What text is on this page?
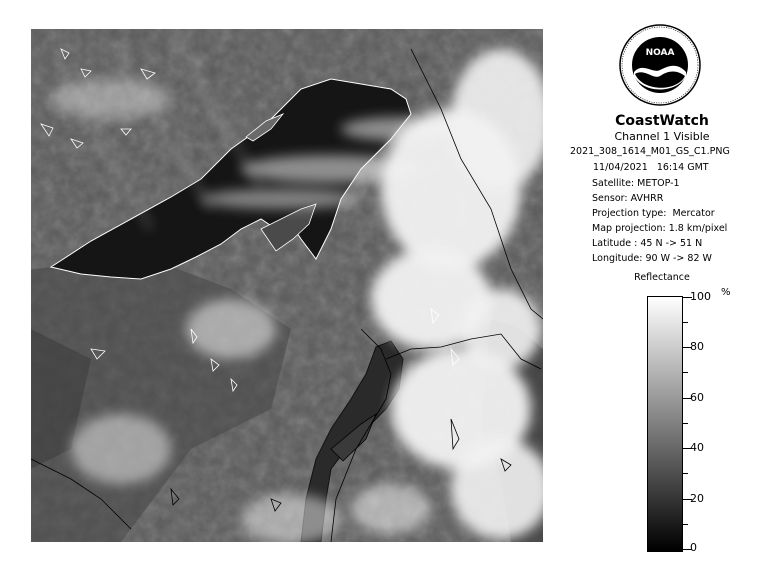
NOAA
CoastWatch
Channel 1 Visible
2021_308_1614_M01_GS_C1.PNG
11/04/2021   16:14 GMT
Satellite: METOP-1
Sensor: AVHRR
Projection type:  Mercator
Map projection: 1.8 km/pixel
Latitude : 45 N -> 51 N
Longitude: 90 W -> 82 W
Reflectance
100 %
80
60
40
20
0
